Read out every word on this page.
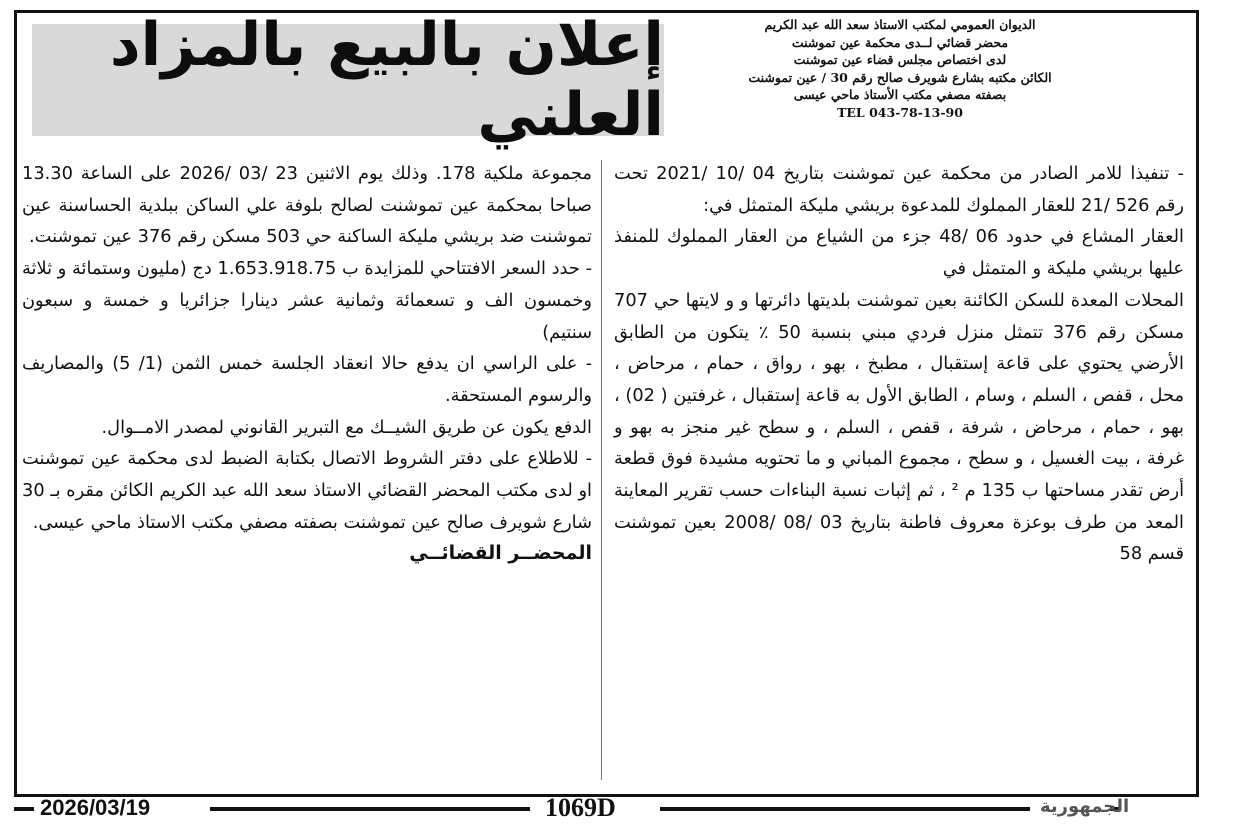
الديوان العمومي لمكتب الاستاذ سعد الله عبد الكريم
محضر قضائي لــدى محكمة عين تموشنت
لدى اختصاص مجلس قضاء عين تموشنت
الكائن مكتبه بشارع شويرف صالح رقم 30 / عين تموشنت
بصفته مصفي مكتب الأستاذ ماحي عيسى
TEL 043-78-13-90
إعلان بالبيع بالمزاد العلني

- تنفيذا للامر الصادر من محكمة عين تموشنت بتاريخ 04 /10 /2021 تحت رقم 526 /21 للعقار المملوك للمدعوة بريشي مليكة المتمثل في:

العقار المشاع في حدود 06 /48 جزء من الشياع من العقار المملوك للمنفذ عليها بريشي مليكة و المتمثل في

المحلات المعدة للسكن الكائنة بعين تموشنت بلديتها دائرتها و و لايتها حي 707 مسكن رقم 376 تتمثل منزل فردي مبني بنسبة 50 ٪ يتكون من الطابق الأرضي يحتوي على قاعة إستقبال ، مطبخ ، بهو ، رواق ، حمام ، مرحاض ، محل ، قفص ، السلم ، وسام ، الطابق الأول به قاعة إستقبال ، غرفتين ( 02) ، بهو ، حمام ، مرحاض ، شرفة ، قفص ، السلم ، و سطح غير منجز به بهو و غرفة ، بيت الغسيل ، و سطح ، مجموع المباني و ما تحتويه مشيدة فوق قطعة أرض تقدر مساحتها ب 135 م ² ، ثم إثبات نسبة البناءات حسب تقرير المعاينة المعد من طرف بوعزة معروف فاطنة بتاريخ 03 /08 /2008 بعين تموشنت قسم 58

مجموعة ملكية 178. وذلك يوم الاثنين 23 /03 /2026 على الساعة 13.30 صباحا بمحكمة عين تموشنت لصالح بلوفة علي الساكن ببلدية الحساسنة عين تموشنت ضد بريشي مليكة الساكنة حي 503 مسكن رقم 376 عين تموشنت.

- حدد السعر الافتتاحي للمزايدة ب 1.653.918.75 دج (مليون وستمائة و ثلاثة وخمسون الف و تسعمائة وثمانية عشر دينارا جزائريا و خمسة و سبعون سنتيم)

- على الراسي ان يدفع حالا انعقاد الجلسة خمس الثمن (1/ 5) والمصاريف والرسوم المستحقة.

الدفع يكون عن طريق الشيــك مع التبرير القانوني لمصدر الامــوال.

- للاطلاع على دفتر الشروط الاتصال بكتابة الضبط لدى محكمة عين تموشنت او لدى مكتب المحضر القضائي الاستاذ سعد الله عبد الكريم الكائن مقره بـ 30 شارع شويرف صالح عين تموشنت بصفته مصفي مكتب الاستاذ ماحي عيسى.

المحضــر القضائــي

2026/03/19	1069D	الجمهورية
